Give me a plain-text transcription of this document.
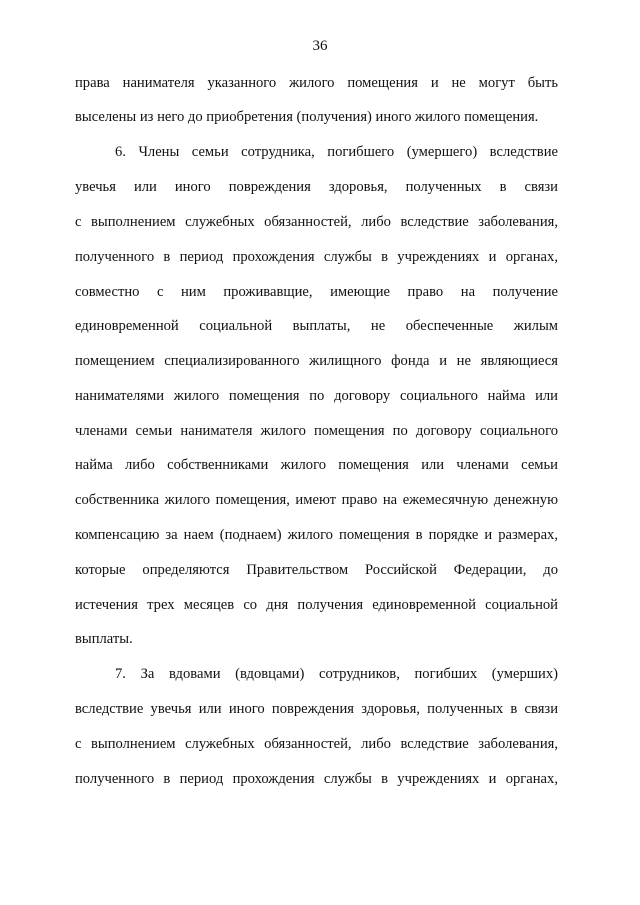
36
права нанимателя указанного жилого помещения и не могут быть
выселены из него до приобретения (получения) иного жилого помещения.
6. Члены семьи сотрудника, погибшего (умершего) вследствие
увечья или иного повреждения здоровья, полученных в связи
с выполнением служебных обязанностей, либо вследствие заболевания,
полученного в период прохождения службы в учреждениях и органах,
совместно с ним проживавщие, имеющие право на получение
единовременной социальной выплаты, не обеспеченные жилым
помещением специализированного жилищного фонда и не являющиеся
нанимателями жилого помещения по договору социального найма или
членами семьи нанимателя жилого помещения по договору социального
найма либо собственниками жилого помещения или членами семьи
собственника жилого помещения, имеют право на ежемесячную денежную
компенсацию за наем (поднаем) жилого помещения в порядке и размерах,
которые определяются Правительством Российской Федерации, до
истечения трех месяцев со дня получения единовременной социальной
выплаты.
7. За вдовами (вдовцами) сотрудников, погибших (умерших)
вследствие увечья или иного повреждения здоровья, полученных в связи
с выполнением служебных обязанностей, либо вследствие заболевания,
полученного в период прохождения службы в учреждениях и органах,
